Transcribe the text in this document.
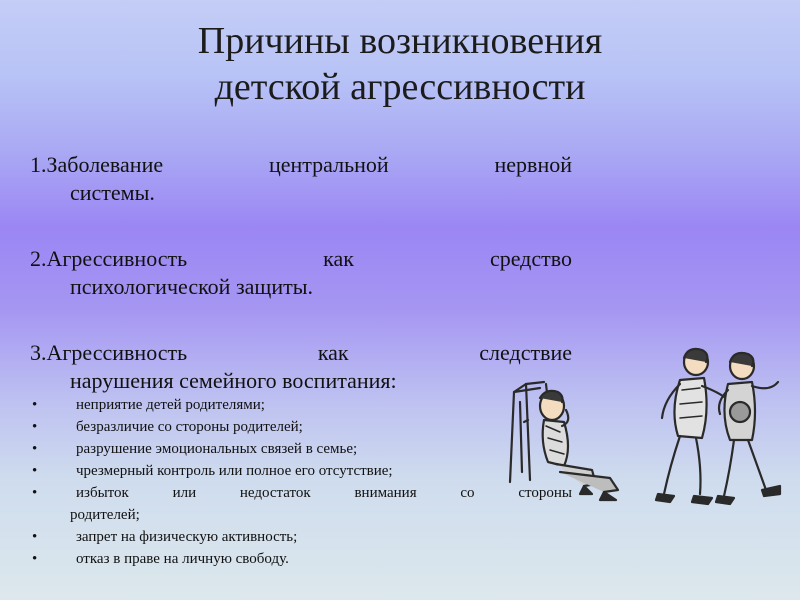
Причины возникновения
детской агрессивности
1.Заболевание	центральной	нервной
системы.
2.Агрессивность	как	средство
психологической защиты.
3.Агрессивность	как	следствие
нарушения семейного воспитания:
•	неприятие детей родителями;
•	безразличие со стороны родителей;
•	разрушение эмоциональных связей в семье;
•	чрезмерный контроль или полное его отсутствие;
•	избыток	или	недостаток	внимания	со	стороны
родителей;
•	запрет на физическую активность;
•	отказ в праве на личную свободу.
